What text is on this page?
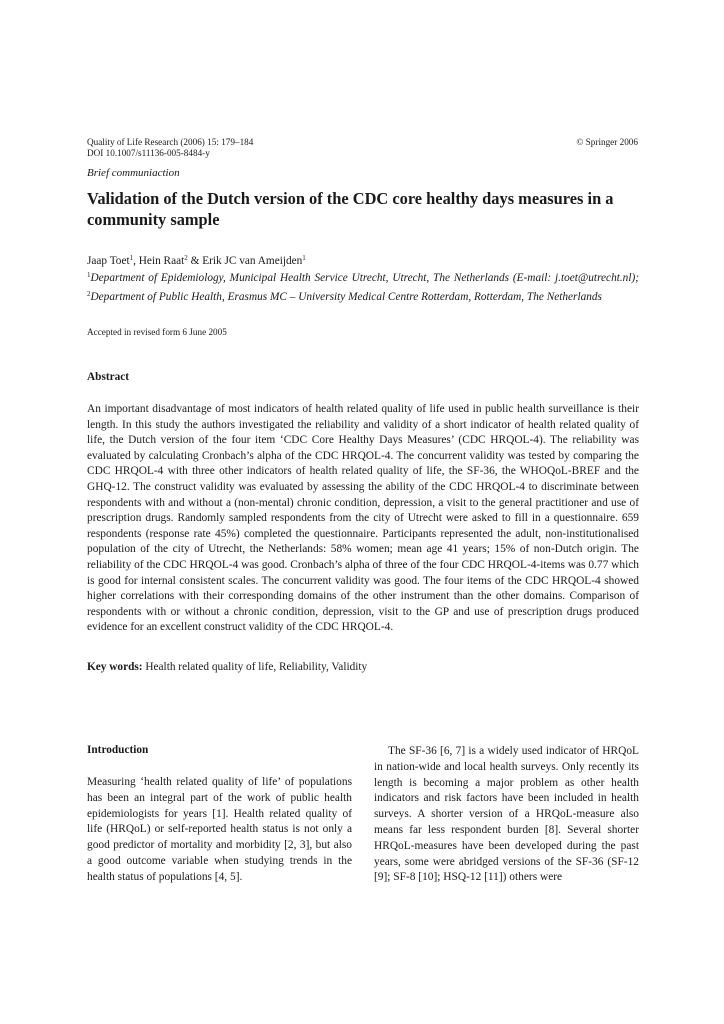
Quality of Life Research (2006) 15: 179–184
DOI 10.1007/s11136-005-8484-y
© Springer 2006
Brief communiaction
Validation of the Dutch version of the CDC core healthy days measures in a community sample
Jaap Toet$^1$, Hein Raat$^2$ & Erik JC van Ameijden$^1$
$^1$Department of Epidemiology, Municipal Health Service Utrecht, Utrecht, The Netherlands (E-mail: j.toet@utrecht.nl); $^2$Department of Public Health, Erasmus MC – University Medical Centre Rotterdam, Rotterdam, The Netherlands
Accepted in revised form 6 June 2005
Abstract
An important disadvantage of most indicators of health related quality of life used in public health surveillance is their length. In this study the authors investigated the reliability and validity of a short indicator of health related quality of life, the Dutch version of the four item ‘CDC Core Healthy Days Measures’ (CDC HRQOL-4). The reliability was evaluated by calculating Cronbach’s alpha of the CDC HRQOL-4. The concurrent validity was tested by comparing the CDC HRQOL-4 with three other indicators of health related quality of life, the SF-36, the WHOQoL-BREF and the GHQ-12. The construct validity was evaluated by assessing the ability of the CDC HRQOL-4 to discriminate between respondents with and without a (non-mental) chronic condition, depression, a visit to the general practitioner and use of prescription drugs. Randomly sampled respondents from the city of Utrecht were asked to fill in a questionnaire. 659 respondents (response rate 45%) completed the questionnaire. Participants represented the adult, non-institutionalised population of the city of Utrecht, the Netherlands: 58% women; mean age 41 years; 15% of non-Dutch origin. The reliability of the CDC HRQOL-4 was good. Cronbach’s alpha of three of the four CDC HRQOL-4-items was 0.77 which is good for internal consistent scales. The concurrent validity was good. The four items of the CDC HRQOL-4 showed higher correlations with their corresponding domains of the other instrument than the other domains. Comparison of respondents with or without a chronic condition, depression, visit to the GP and use of prescription drugs produced evidence for an excellent construct validity of the CDC HRQOL-4.
Key words: Health related quality of life, Reliability, Validity
Introduction
Measuring ‘health related quality of life’ of populations has been an integral part of the work of public health epidemiologists for years [1]. Health related quality of life (HRQoL) or self-reported health status is not only a good predictor of mortality and morbidity [2, 3], but also a good outcome variable when studying trends in the health status of populations [4, 5].
The SF-36 [6, 7] is a widely used indicator of HRQoL in nation-wide and local health surveys. Only recently its length is becoming a major problem as other health indicators and risk factors have been included in health surveys. A shorter version of a HRQoL-measure also means far less respondent burden [8]. Several shorter HRQoL-measures have been developed during the past years, some were abridged versions of the SF-36 (SF-12 [9]; SF-8 [10]; HSQ-12 [11]) others were
